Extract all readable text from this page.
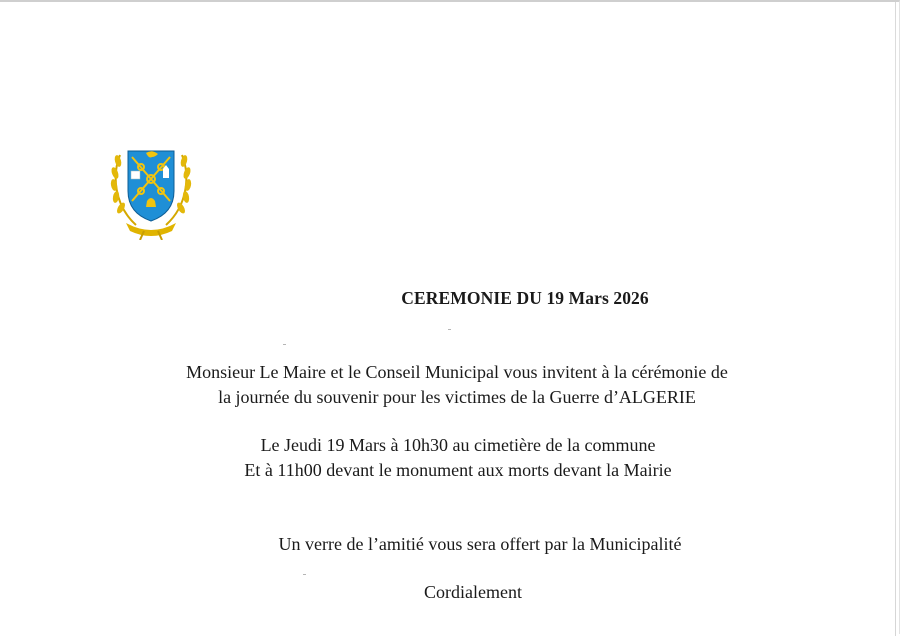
CEREMONIE DU 19 Mars 2026
Monsieur Le Maire et le Conseil Municipal vous invitent à la cérémonie de
la journée du souvenir pour les victimes de la Guerre d’ALGERIE
Le Jeudi 19 Mars à 10h30 au cimetière de la commune
Et à 11h00 devant le monument aux morts devant la Mairie
Un verre de l’amitié vous sera offert par la Municipalité
Cordialement
